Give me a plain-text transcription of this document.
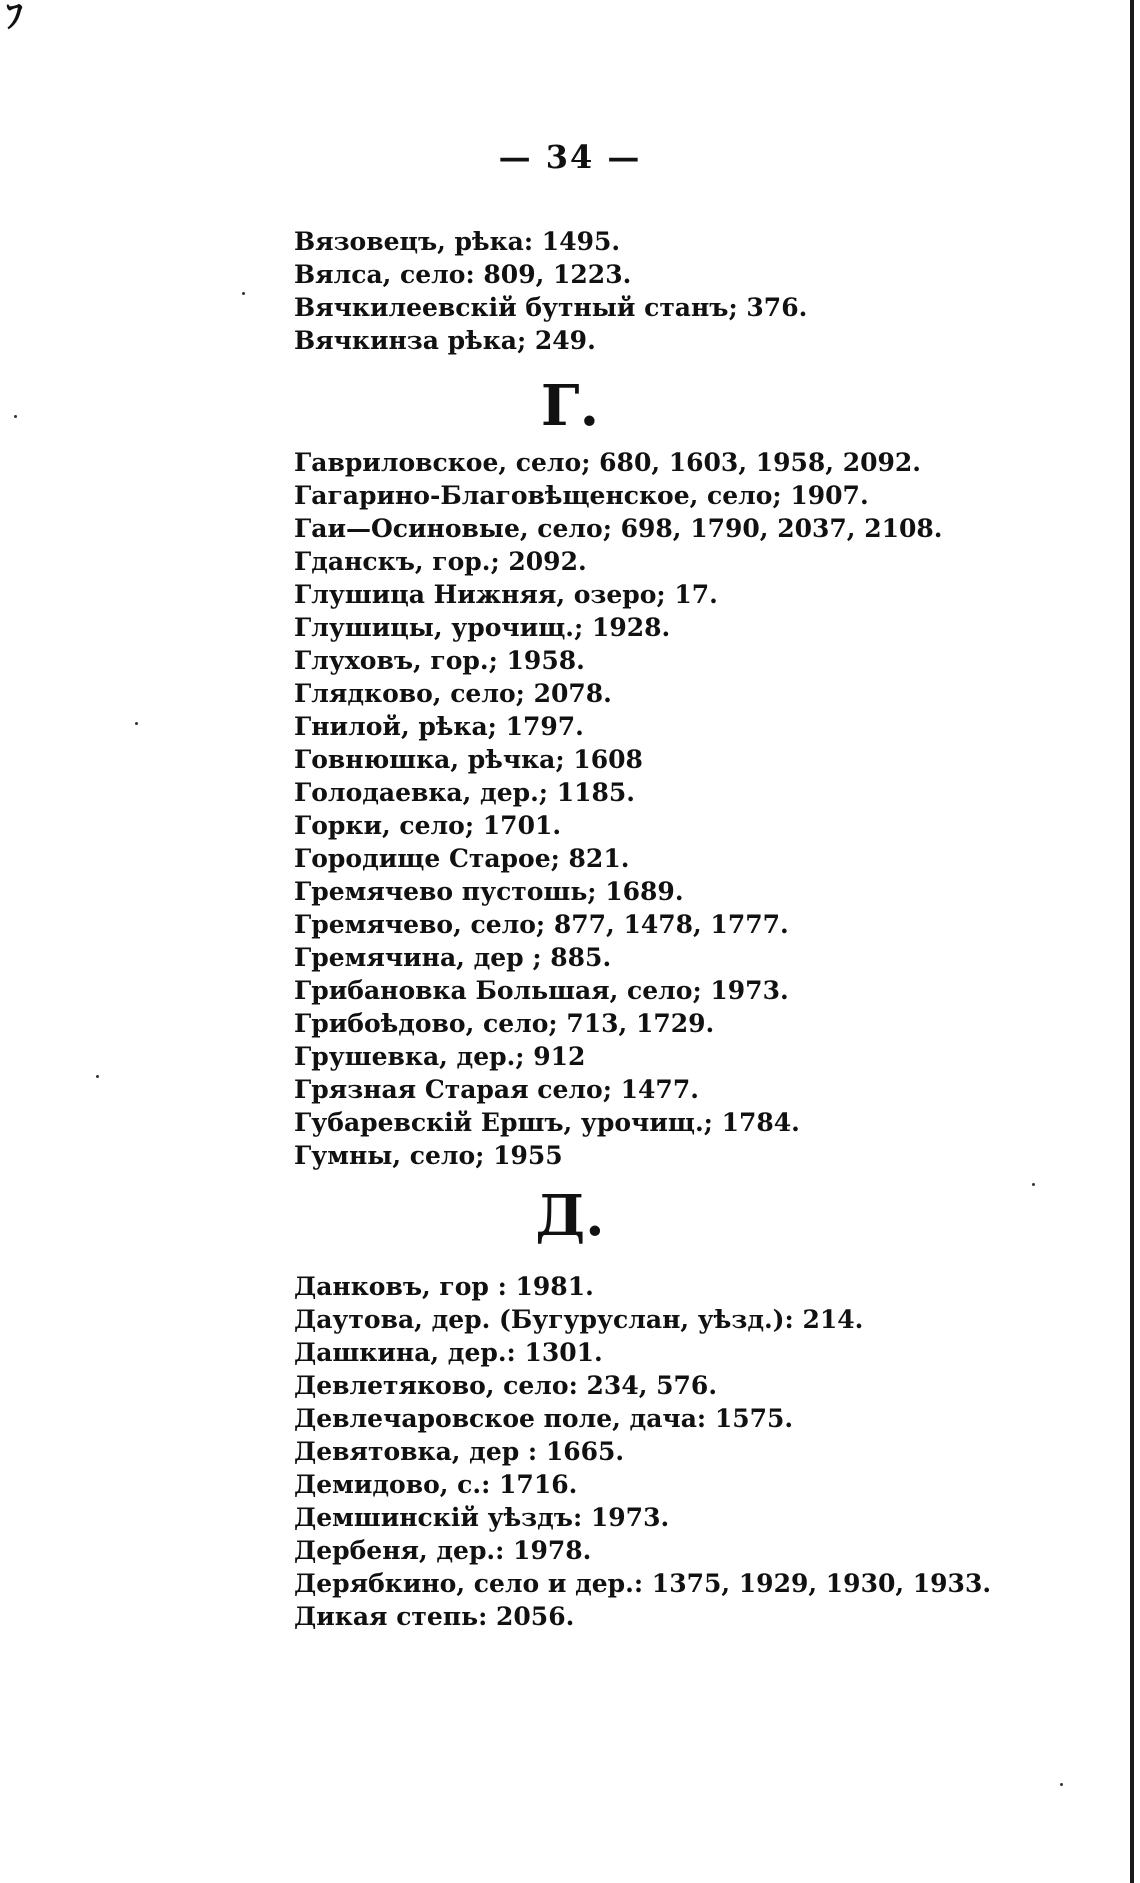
ﾌ
— 34 —
Вязовецъ, рѣка: 1495.
Вялса, село: 809, 1223.
Вячкилеевскій бутный станъ; 376.
Вячкинза рѣка; 249.
Г.
Гавриловское, село; 680, 1603, 1958, 2092.
Гагарино-Благовѣщенское, село; 1907.
Гаи—Осиновые, село; 698, 1790, 2037, 2108.
Гданскъ, гор.; 2092.
Глушица Нижняя, озеро; 17.
Глушицы, урочищ.; 1928.
Глуховъ, гор.; 1958.
Глядково, село; 2078.
Гнилой, рѣка; 1797.
Говнюшка, рѣчка; 1608
Голодаевка, дер.; 1185.
Горки, село; 1701.
Городище Старое; 821.
Гремячево пустошь; 1689.
Гремячево, село; 877, 1478, 1777.
Гремячина, дер ; 885.
Грибановка Большая, село; 1973.
Грибоѣдово, село; 713, 1729.
Грушевка, дер.; 912
Грязная Старая село; 1477.
Губаревскій Ершъ, урочищ.; 1784.
Гумны, село; 1955
Д.
Данковъ, гор : 1981.
Даутова, дер. (Бугуруслан, уѣзд.): 214.
Дашкина, дер.: 1301.
Девлетяково, село: 234, 576.
Девлечаровское поле, дача: 1575.
Девятовка, дер : 1665.
Демидово, с.: 1716.
Демшинскій уѣздъ: 1973.
Дербеня, дер.: 1978.
Дерябкино, село и дер.: 1375, 1929, 1930, 1933.
Дикая степь: 2056.
